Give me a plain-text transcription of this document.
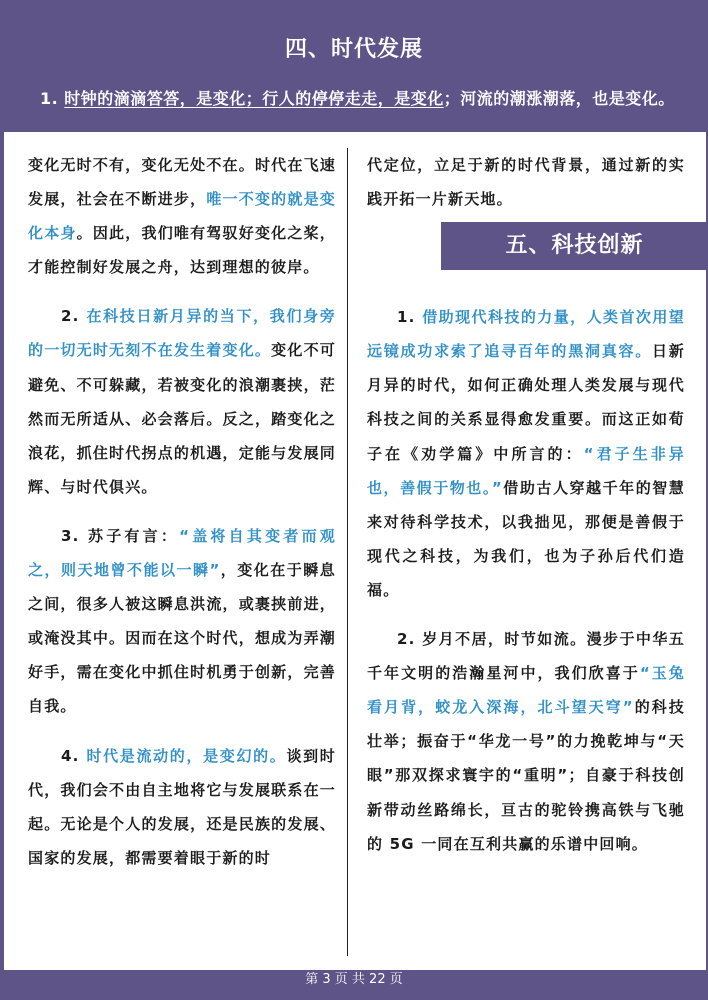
四、时代发展
1. 时钟的滴滴答答，是变化；行人的停停走走，是变化；河流的潮涨潮落，也是变化。

变化无时不有，变化无处不在。时代在飞速发展，社会在不断进步，唯一不变的就是变化本身。因此，我们唯有驾驭好变化之桨，才能控制好发展之舟，达到理想的彼岸。

2. 在科技日新月异的当下，我们身旁的一切无时无刻不在发生着变化。变化不可避免、不可躲藏，若被变化的浪潮裹挟，茫然而无所适从、必会落后。反之，踏变化之浪花，抓住时代拐点的机遇，定能与发展同辉、与时代俱兴。

3. 苏子有言：“盖将自其变者而观之，则天地曾不能以一瞬”，变化在于瞬息之间，很多人被这瞬息洪流，或裹挟前进，或淹没其中。因而在这个时代，想成为弄潮好手，需在变化中抓住时机勇于创新，完善自我。

4. 时代是流动的，是变幻的。谈到时代，我们会不由自主地将它与发展联系在一起。无论是个人的发展，还是民族的发展、国家的发展，都需要着眼于新的时

代定位，立足于新的时代背景，通过新的实践开拓一片新天地。

1. 借助现代科技的力量，人类首次用望远镜成功求索了追寻百年的黑洞真容。日新月异的时代，如何正确处理人类发展与现代科技之间的关系显得愈发重要。而这正如荀子在《劝学篇》中所言的：“君子生非异也，善假于物也。”借助古人穿越千年的智慧来对待科学技术，以我拙见，那便是善假于现代之科技，为我们，也为子孙后代们造福。

2. 岁月不居，时节如流。漫步于中华五千年文明的浩瀚星河中，我们欣喜于“玉兔看月背，蛟龙入深海，北斗望天穹”的科技壮举；振奋于“华龙一号”的力挽乾坤与“天眼”那双探求寰宇的“重明”；自豪于科技创新带动丝路绵长，亘古的驼铃携高铁与飞驰的 5G 一同在互利共赢的乐谱中回响。

五、科技创新
第 3 页 共 22 页
